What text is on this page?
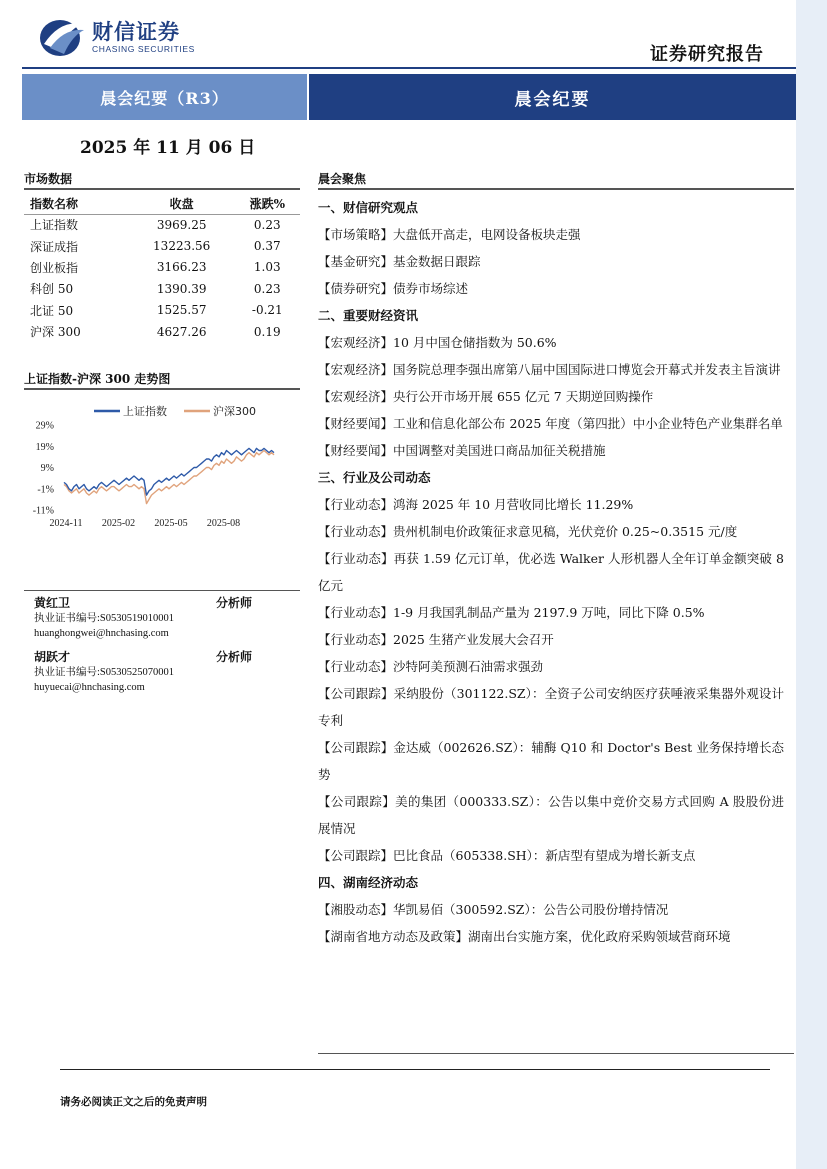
财信证券
CHASING SECURITIES	证券研究报告
晨会纪要（R3）	晨会纪要
2025 年 11 月 06 日
市场数据
指数名称	收盘	涨跌%
上证指数	3969.25	0.23
深证成指	13223.56	0.37
创业板指	3166.23	1.03
科创 50	1390.39	0.23
北证 50	1525.57	-0.21
沪深 300	4627.26	0.19
上证指数-沪深 300 走势图
上证指数	沪深300
29%
19%
9%
-1%
-11%
2024-11 2025-02 2025-05 2025-08
黄红卫	分析师
执业证书编号:S0530519010001
huanghongwei@hnchasing.com
胡跃才	分析师
执业证书编号:S0530525070001
huyuecai@hnchasing.com
晨会聚焦
一、财信研究观点
【市场策略】大盘低开高走，电网设备板块走强
【基金研究】基金数据日跟踪
【债券研究】债券市场综述
二、重要财经资讯
【宏观经济】10 月中国仓储指数为 50.6%
【宏观经济】国务院总理李强出席第八届中国国际进口博览会开幕式并发表主旨演讲
【宏观经济】央行公开市场开展 655 亿元 7 天期逆回购操作
【财经要闻】工业和信息化部公布 2025 年度（第四批）中小企业特色产业集群名单
【财经要闻】中国调整对美国进口商品加征关税措施
三、行业及公司动态
【行业动态】鸿海 2025 年 10 月营收同比增长 11.29%
【行业动态】贵州机制电价政策征求意见稿，光伏竞价 0.25~0.3515 元/度
【行业动态】再获 1.59 亿元订单，优必选 Walker 人形机器人全年订单金额突破 8 亿元
【行业动态】1-9 月我国乳制品产量为 2197.9 万吨，同比下降 0.5%
【行业动态】2025 生猪产业发展大会召开
【行业动态】沙特阿美预测石油需求强劲
【公司跟踪】采纳股份（301122.SZ）：全资子公司安纳医疗获唾液采集器外观设计专利
【公司跟踪】金达威（002626.SZ）：辅酶 Q10 和 Doctor's Best 业务保持增长态势
【公司跟踪】美的集团（000333.SZ）：公告以集中竞价交易方式回购 A 股股份进展情况
【公司跟踪】巴比食品（605338.SH）：新店型有望成为增长新支点
四、湖南经济动态
【湘股动态】华凯易佰（300592.SZ）：公告公司股份增持情况
【湖南省地方动态及政策】湖南出台实施方案，优化政府采购领域营商环境
请务必阅读正文之后的免责声明
